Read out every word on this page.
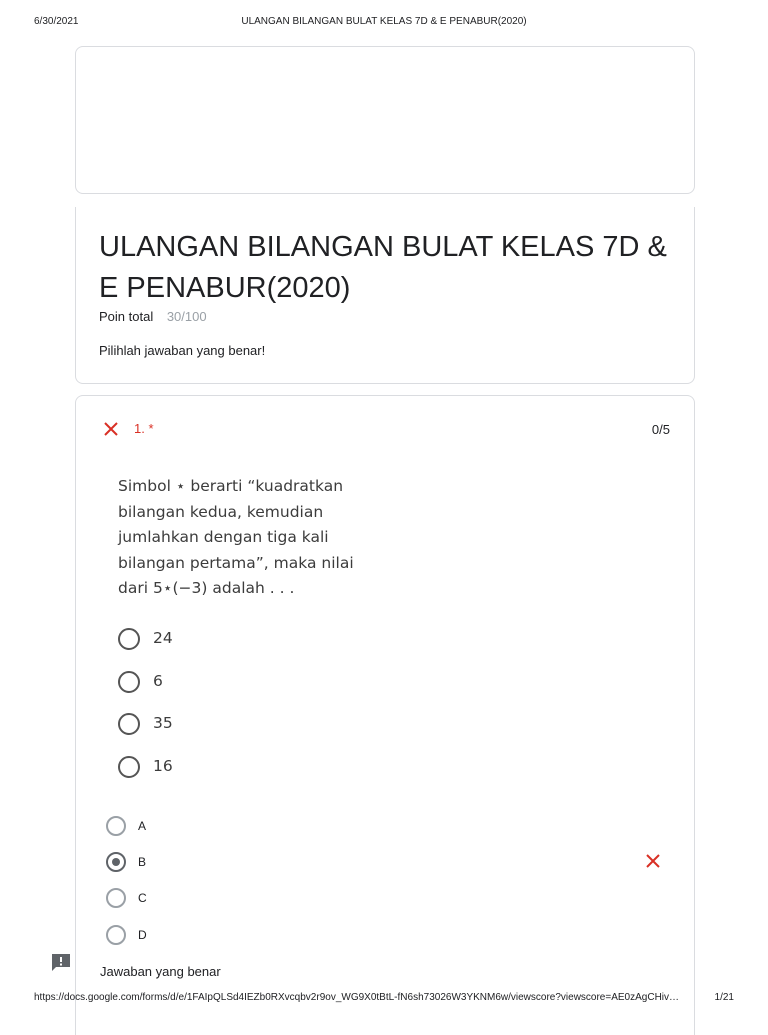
6/30/2021	ULANGAN BILANGAN BULAT KELAS 7D & E PENABUR(2020)
ULANGAN BILANGAN BULAT KELAS 7D & E PENABUR(2020)
Poin total 30/100
Pilihlah jawaban yang benar!
1. *	0/5
Simbol ⋆ berarti “kuadratkan
bilangan kedua, kemudian
jumlahkan dengan tiga kali
bilangan pertama”, maka nilai
dari 5⋆(−3) adalah . . .
24
6
35
16
A
B
C
D
Jawaban yang benar
https://docs.google.com/forms/d/e/1FAIpQLSd4IEZb0RXvcqbv2r9ov_WG9X0tBtL-fN6sh73026W3YKNM6w/viewscore?viewscore=AE0zAgCHiv…	1/21
